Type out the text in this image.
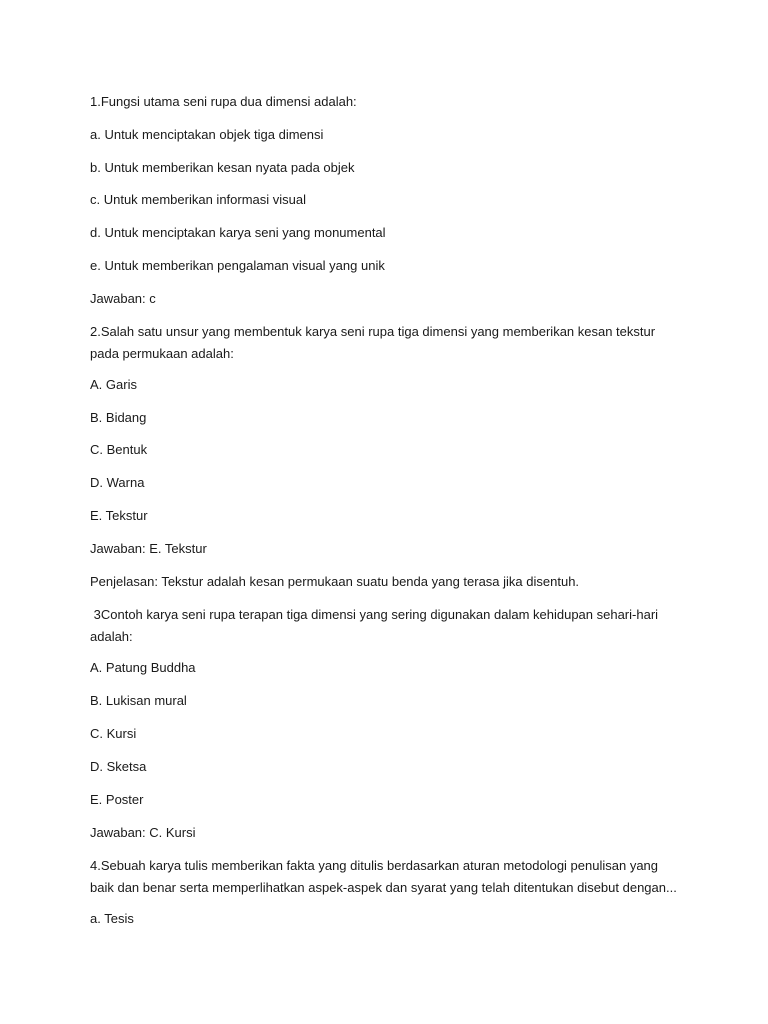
1.Fungsi utama seni rupa dua dimensi adalah:
a. Untuk menciptakan objek tiga dimensi
b. Untuk memberikan kesan nyata pada objek
c. Untuk memberikan informasi visual
d. Untuk menciptakan karya seni yang monumental
e. Untuk memberikan pengalaman visual yang unik
Jawaban: c
2.Salah satu unsur yang membentuk karya seni rupa tiga dimensi yang memberikan kesan tekstur pada permukaan adalah:
A. Garis
B. Bidang
C. Bentuk
D. Warna
E. Tekstur
Jawaban: E. Tekstur
Penjelasan: Tekstur adalah kesan permukaan suatu benda yang terasa jika disentuh.
3Contoh karya seni rupa terapan tiga dimensi yang sering digunakan dalam kehidupan sehari-hari adalah:
A. Patung Buddha
B. Lukisan mural
C. Kursi
D. Sketsa
E. Poster
Jawaban: C. Kursi
4.Sebuah karya tulis memberikan fakta yang ditulis berdasarkan aturan metodologi penulisan yang baik dan benar serta memperlihatkan aspek-aspek dan syarat yang telah ditentukan disebut dengan...
a. Tesis
